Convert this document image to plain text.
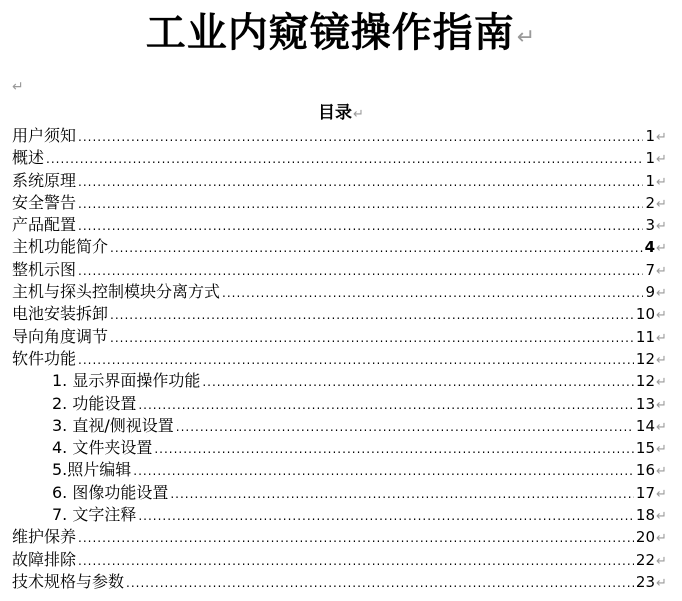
工业内窥镜操作指南↵
↵
目录↵
用户须知 .....	1 ↵
概述 .....	1 ↵
系统原理 .....	1 ↵
安全警告 .....	2 ↵
产品配置 .....	3 ↵
主机功能简介 .....	4 ↵
整机示图 .....	7 ↵
主机与探头控制模块分离方式 .....	9 ↵
电池安装拆卸 .....	10 ↵
导向角度调节 .....	11 ↵
软件功能 .....	12 ↵
1. 显示界面操作功能 .....	12 ↵
2. 功能设置 .....	13 ↵
3. 直视/侧视设置 .....	14 ↵
4. 文件夹设置 .....	15 ↵
5.照片编辑 .....	16 ↵
6. 图像功能设置 .....	17 ↵
7. 文字注释 .....	18 ↵
维护保养 .....	20 ↵
故障排除 .....	22 ↵
技术规格与参数 .....	23 ↵
